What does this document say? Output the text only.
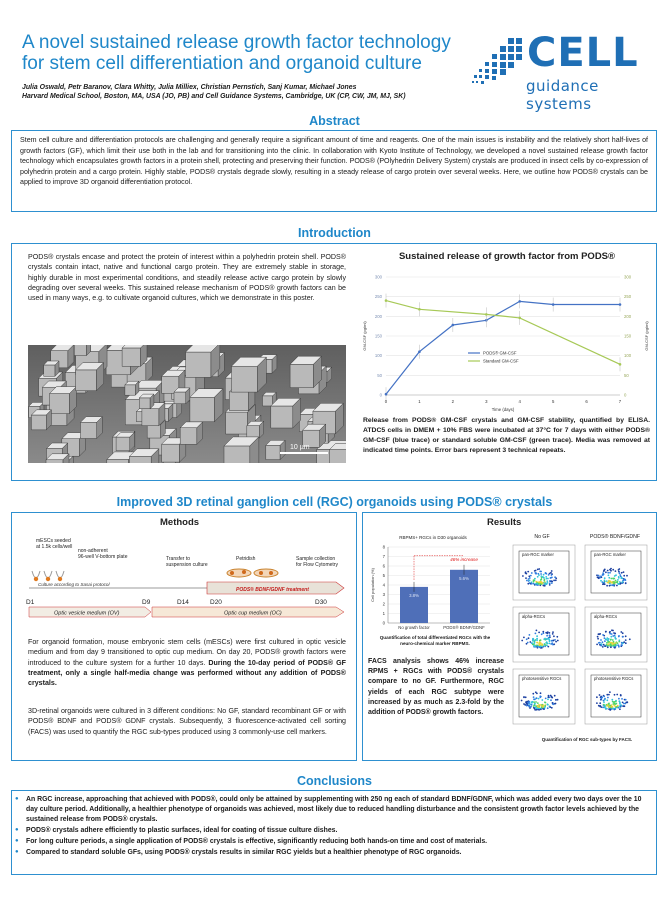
A novel sustained release growth factor technology
for stem cell differentiation and organoid culture
Julia Oswald, Petr Baranov, Clara Whitty, Julia Milliex, Christian Pernstich, Sanj Kumar, Michael Jones
Harvard Medical School, Boston, MA, USA (JO, PB) and Cell Guidance Systems, Cambridge, UK (CP, CW, JM, MJ, SK)
CELL
guidance systems
Abstract
Stem cell culture and differentiation protocols are challenging and generally require a significant amount of time and reagents. One of the main issues is instability and the relatively short half-lives of growth factors (GF), which limit their use both in the lab and for transitioning into the clinic. In collaboration with Kyoto Institute of Technology, we developed a novel sustained release growth factor technology which encapsulates growth factors in a protein shell, protecting and preserving their function. PODS® (POlyhedrin Delivery System) crystals are produced in insect cells by co-expression of polyhedrin protein and a cargo protein. Highly stable, PODS® crystals degrade slowly, resulting in a steady release of cargo protein over several weeks. Here, we outline how PODS® crystals can be applied to improve 3D organoid differentiation protocol.
Introduction
PODS® crystals encase and protect the protein of interest within a polyhedrin protein shell. PODS® crystals contain intact, native and functional cargo protein. They are extremely stable in storage, highly durable in most experimental conditions, and steadily release active cargo protein by slowly degrading over several weeks. This sustained release mechanism of PODS® growth factors can be used in many ways, e.g. to cultivate organoid cultures, which we demonstrate in this poster.
10 µm
Sustained release of growth factor from PODS®
0	0
50	50
100	100
150	150
200	200
250	250
300	300
0	1	2	3	4	5	6	7
Time (days)
GM-CSF (pg/ml)	GM-CSF (pg/ml)
PODS® GM-CSF
Standard GM-CSF
Release from PODS® GM-CSF crystals and GM-CSF stability, quantified by ELISA. ATDC5 cells in DMEM + 10% FBS were incubated at 37°C for 7 days with either PODS® GM-CSF (blue trace) or standard soluble GM-CSF (green trace). Media was removed at indicated time points. Error bars represent 3 technical repeats.
Improved 3D retinal ganglion cell (RGC) organoids using PODS® crystals
Methods	Results
mESCs seeded at 1.5k cells/well
non-adherent 96-well V-bottom plate	Transfer to suspension culture
Petridish	Sample collection for Flow Cytometry
Culture according to Sasai protocol
PODS® BDNF/GDNF treatment
D1	D9	D14	D20	D30
Optic vesicle medium (OV)	Optic cup medium (OC)
For organoid formation, mouse embryonic stem cells (mESCs) were first cultured in optic vesicle medium and from day 9 transitioned to optic cup medium. On day 20, PODS® growth factors were introduced to the culture system for a further 10 days. During the 10-day period of PODS® GF treatment, only a single half-media change was performed without any addition of PODS® crystals.
3D-retinal organoids were cultured in 3 different conditions: No GF, standard recombinant GF or with PODS® BDNF and PODS® GDNF crystals. Subsequently, 3 fluorescence-activated cell sorting (FACS) was used to quantify the RGC sub-types produced using 3 commonly-use cell markers.
RBPMS+ RGCs in D30 organoids
0
1
2
3
4
5
6
7
8
Cell population (%)	3.8%
No growth factor
5.6%
PODS® BDNF/GDNF
46% increase
Quantification of total differentiated RGCs with the neuro-chemical marker RBPMS.
No GF	PODS® BDNF/GDNF
pan-RGC marker	pan-RGC marker
alpha-RGCs	alpha-RGCs
photosensitive RGCs	photosensitive RGCs
Quantification of RGC sub-types by FACS.
FACS analysis shows 46% increase RPMS + RGCs with PODS® crystals compare to no GF. Furthermore, RGC yields of each RGC subtype were increased by as much as 2.3-fold by the addition of PODS® growth factors.
Conclusions
● An RGC increase, approaching that achieved with PODS®, could only be attained by supplementing with 250 ng each of standard BDNF/GDNF, which was added every two days over the 10 day culture period. Additionally, a healthier phenotype of organoids was achieved, most likely due to reduced handling disturbance and the consistent growth factor levels achieved by the sustained release from PODS® crystals.
● PODS® crystals adhere efficiently to plastic surfaces, ideal for coating of tissue culture dishes.
● For long culture periods, a single application of PODS® crystals is effective, significantly reducing both hands-on time and cost of materials.
● Compared to standard soluble GFs, using PODS® crystals results in similar RGC yields but a healthier phenotype of RGC organoids.
